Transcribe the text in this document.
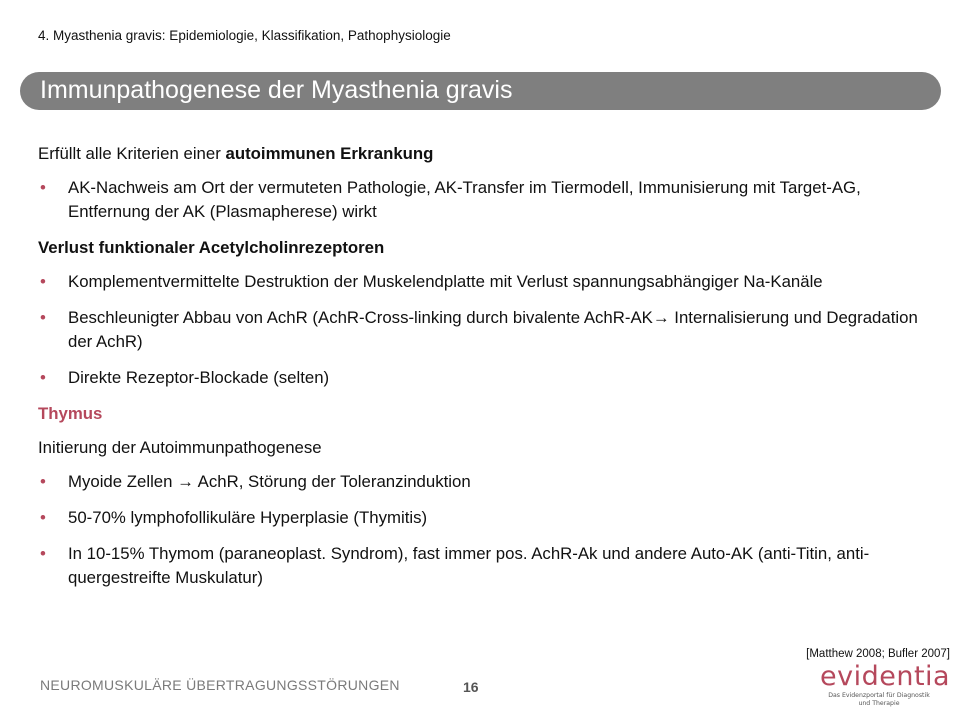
4. Myasthenia gravis: Epidemiologie, Klassifikation, Pathophysiologie
Immunpathogenese der Myasthenia gravis
Erfüllt alle Kriterien einer autoimmunen Erkrankung
• AK-Nachweis am Ort der vermuteten Pathologie, AK-Transfer im Tiermodell, Immunisierung mit Target-AG, Entfernung der AK (Plasmapherese) wirkt
Verlust funktionaler Acetylcholinrezeptoren
• Komplementvermittelte Destruktion der Muskelendplatte mit Verlust spannungsabhängiger Na-Kanäle
• Beschleunigter Abbau von AchR (AchR-Cross-linking durch bivalente AchR-AK→ Internalisierung und Degradation der AchR)
• Direkte Rezeptor-Blockade (selten)
Thymus
Initierung der Autoimmunpathogenese
• Myoide Zellen → AchR, Störung der Toleranzinduktion
• 50-70% lymphofollikuläre Hyperplasie (Thymitis)
• In 10-15% Thymom (paraneoplast. Syndrom), fast immer pos. AchR-Ak und andere Auto-AK (anti-Titin, anti-quergestreifte Muskulatur)
[Matthew 2008; Bufler 2007]
NEUROMUSKULÄRE ÜBERTRAGUNGSSTÖRUNGEN	16	evidentia
Das Evidenzportal für Diagnostik
und Therapie
